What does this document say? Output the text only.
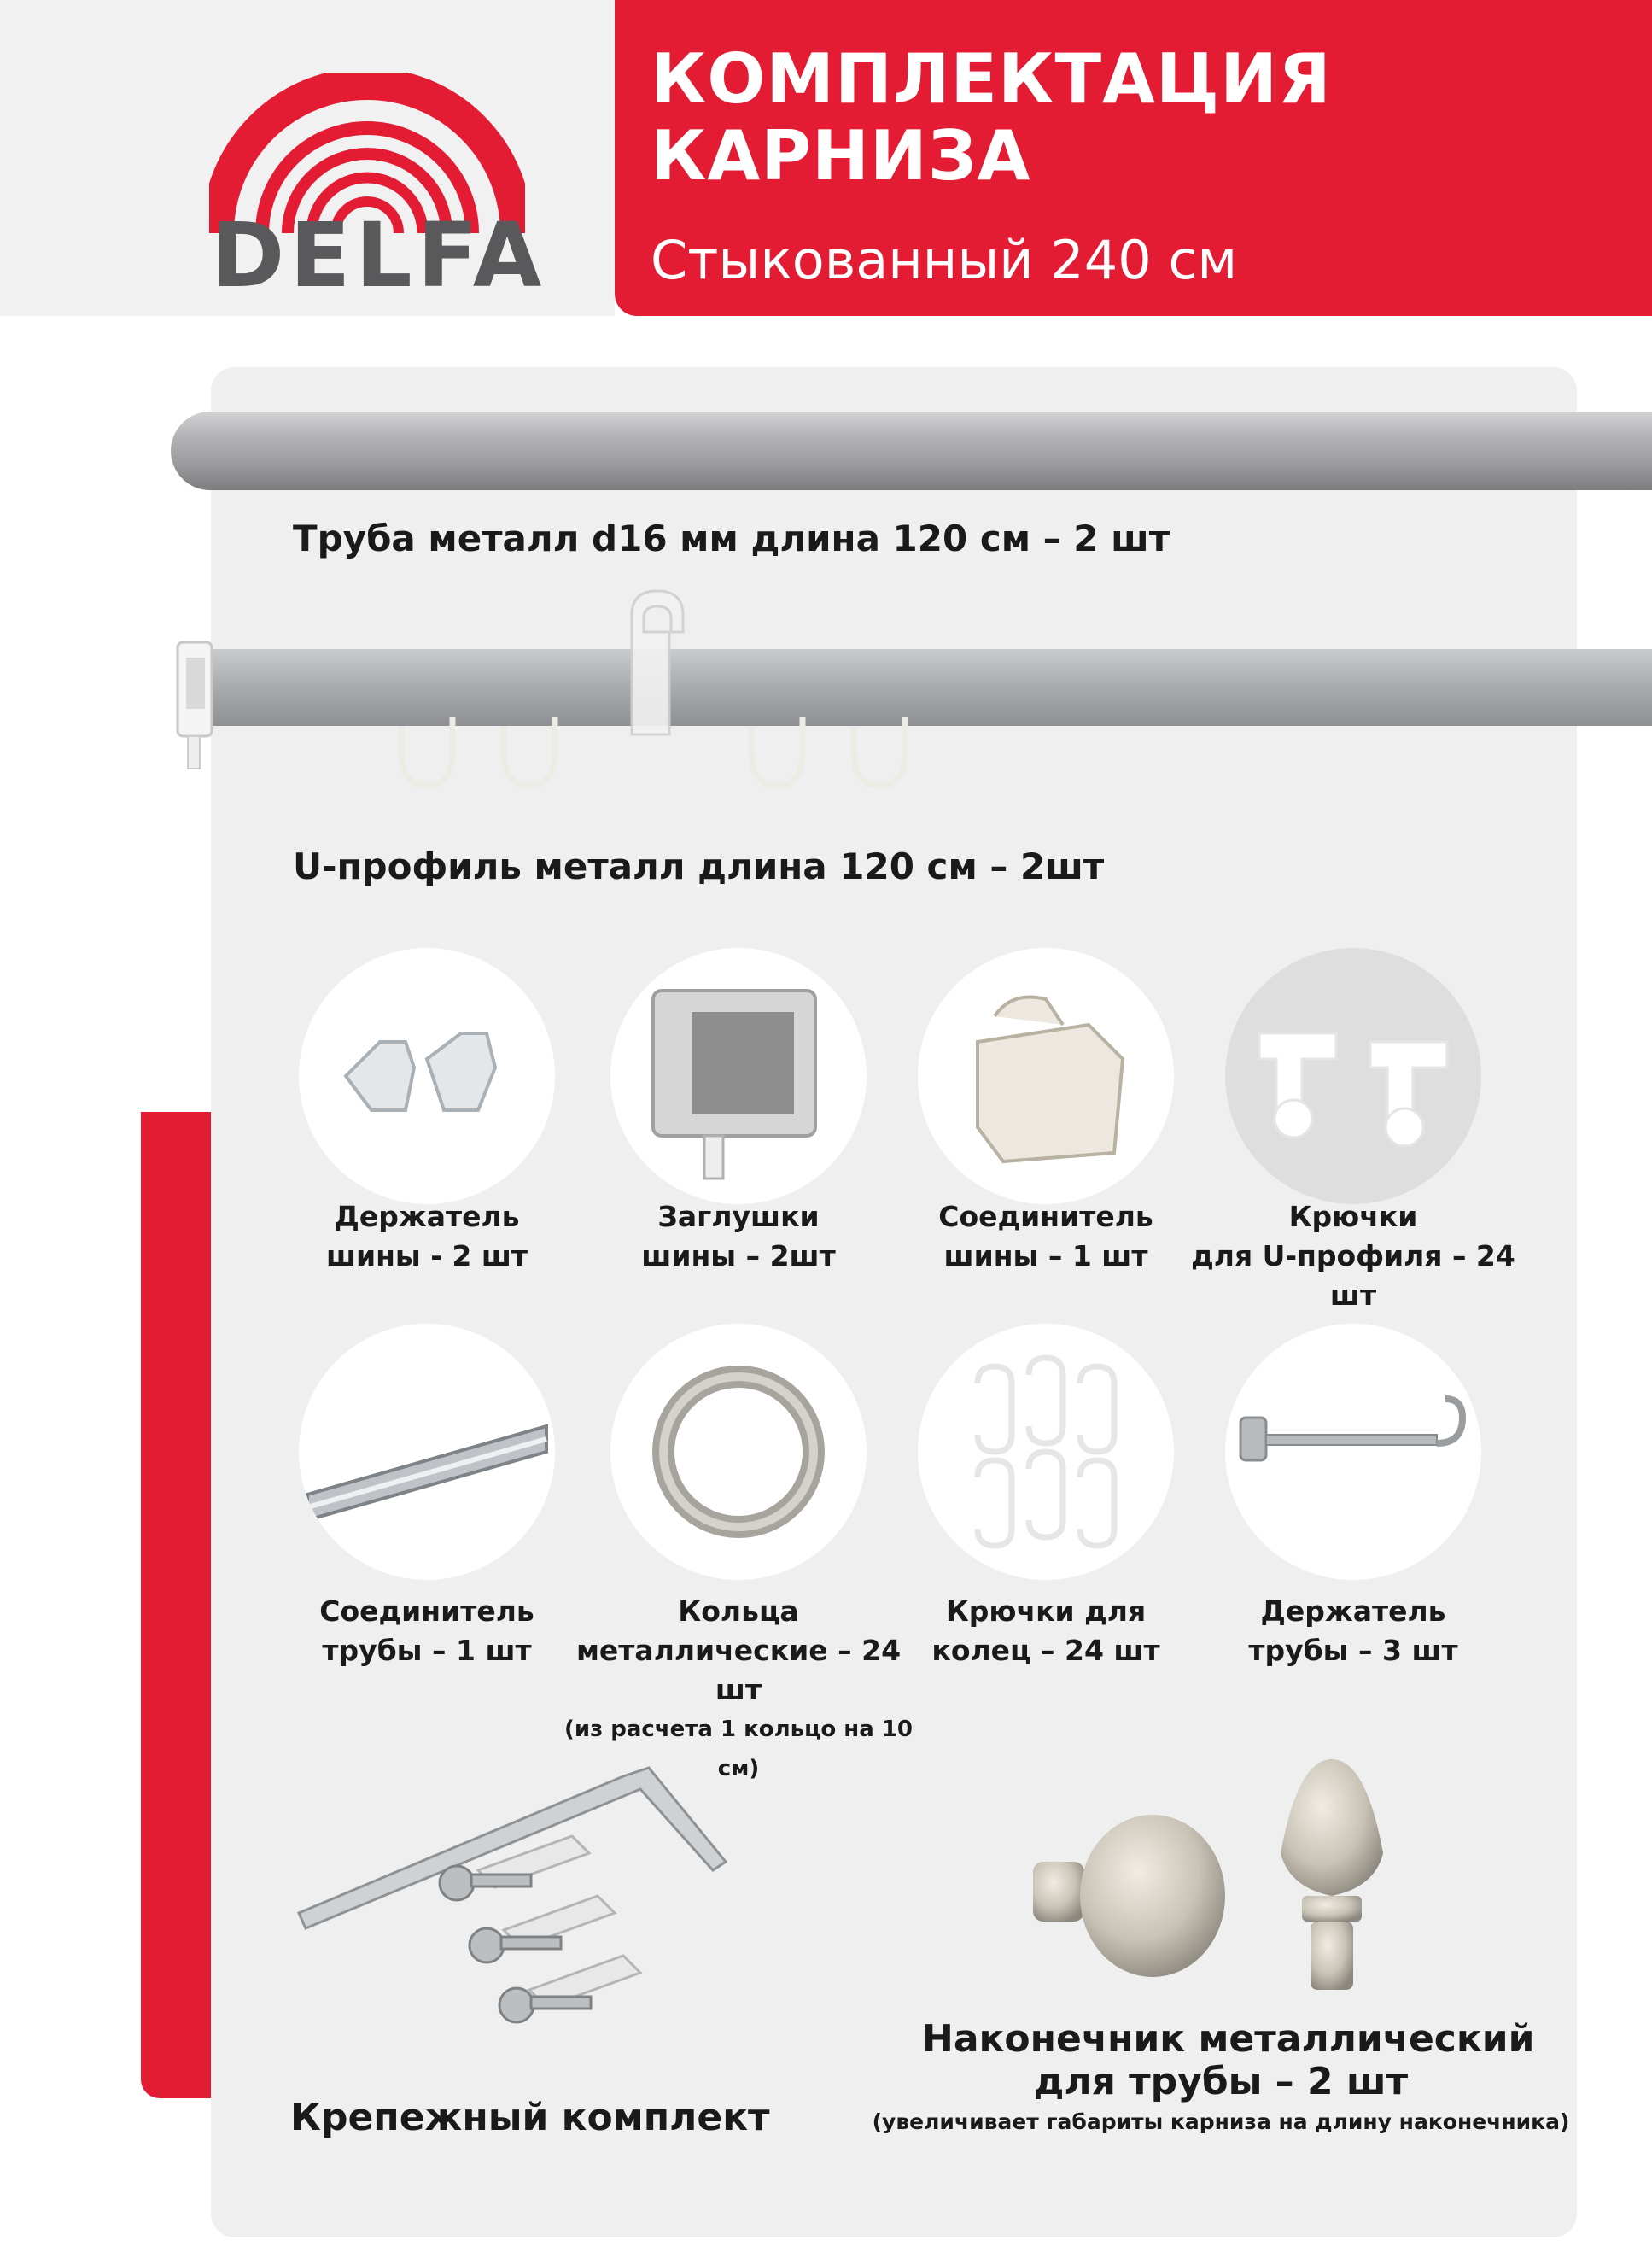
DELFA
КОМПЛЕКТАЦИЯ
КАРНИЗА
Стыкованный 240 см
Труба металл d16 мм длина 120 см – 2 шт
U-профиль металл длина 120 см – 2шт
Держатель
шины - 2 шт
Заглушки
шины – 2шт
Соединитель
шины – 1 шт
Крючки
для U-профиля – 24 шт
Соединитель
трубы – 1 шт
Кольца
металлические – 24 шт
(из расчета 1 кольцо на 10 см)
Крючки для
колец – 24 шт
Держатель
трубы – 3 шт
Крепежный комплект
Наконечник металлический
для трубы – 2 шт
(увеличивает габариты карниза на длину наконечника)
